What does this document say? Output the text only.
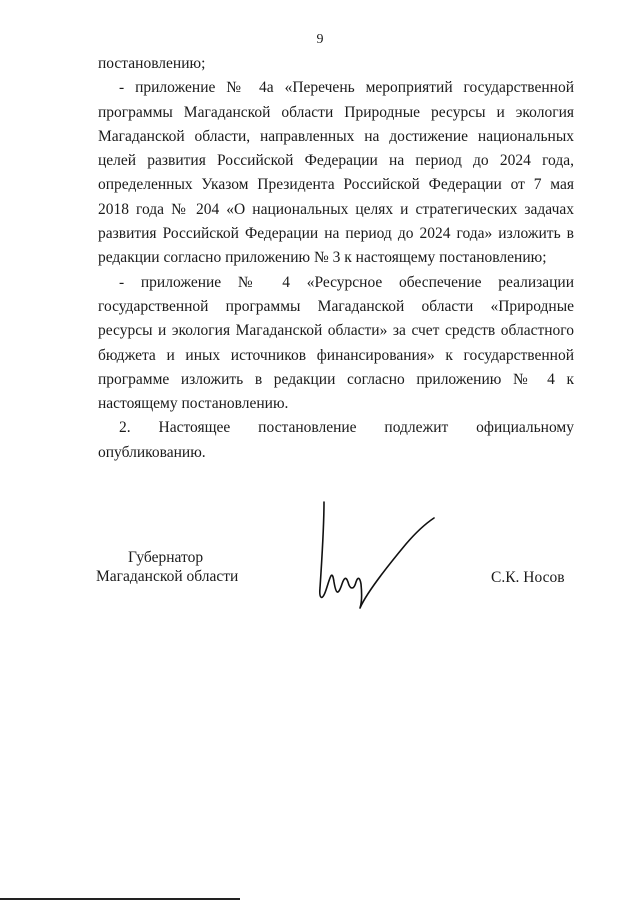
9

постановлению;

- приложение № 4а «Перечень мероприятий государственной программы Магаданской области Природные ресурсы и экология Магаданской области, направленных на достижение национальных целей развития Российской Федерации на период до 2024 года, определенных Указом Президента Российской Федерации от 7 мая 2018 года № 204 «О национальных целях и стратегических задачах развития Российской Федерации на период до 2024 года» изложить в редакции согласно приложению № 3 к настоящему постановлению;

- приложение № 4 «Ресурсное обеспечение реализации государственной программы Магаданской области «Природные ресурсы и экология Магаданской области» за счет средств областного бюджета и иных источников финансирования» к государственной программе изложить в редакции согласно приложению № 4 к настоящему постановлению.

2. Настоящее постановление подлежит официальному опубликованию.

Губернатор
Магаданской области	С.К. Носов
